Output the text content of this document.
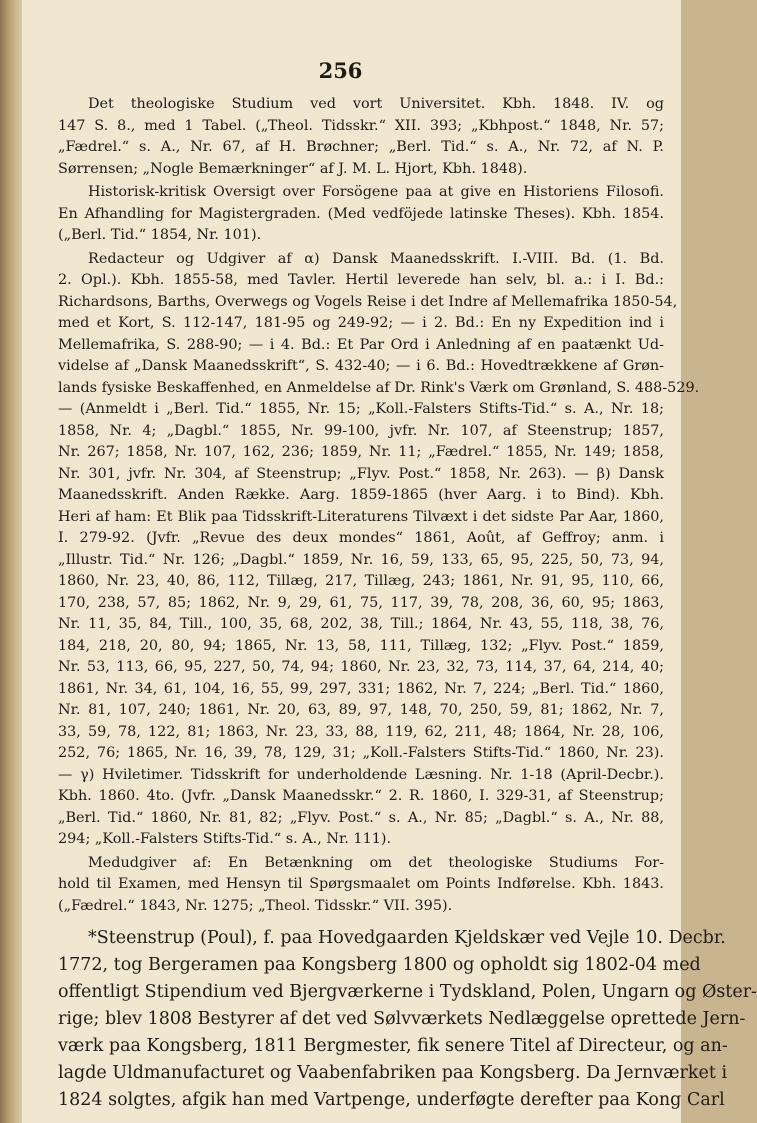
256
Det theologiske Studium ved vort Universitet. Kbh. 1848. IV. og
147 S. 8., med 1 Tabel. („Theol. Tidsskr.“ XII. 393; „Kbhpost.“ 1848, Nr. 57;
„Fædrel.“ s. A., Nr. 67, af H. Brøchner; „Berl. Tid.“ s. A., Nr. 72, af N. P.
Sørrensen; „Nogle Bemærkninger“ af J. M. L. Hjort, Kbh. 1848).
Historisk-kritisk Oversigt over Forsögene paa at give en Historiens Filosofi.
En Afhandling for Magistergraden. (Med vedföjede latinske Theses). Kbh. 1854.
(„Berl. Tid.“ 1854, Nr. 101).
Redacteur og Udgiver af α) Dansk Maanedsskrift. I.-VIII. Bd. (1. Bd.
2. Opl.). Kbh. 1855-58, med Tavler. Hertil leverede han selv, bl. a.: i I. Bd.:
Richardsons, Barths, Overwegs og Vogels Reise i det Indre af Mellemafrika 1850-54,
med et Kort, S. 112-147, 181-95 og 249-92; — i 2. Bd.: En ny Expedition ind i
Mellemafrika, S. 288-90; — i 4. Bd.: Et Par Ord i Anledning af en paatænkt Ud-
videlse af „Dansk Maanedsskrift“, S. 432-40; — i 6. Bd.: Hovedtrækkene af Grøn-
lands fysiske Beskaffenhed, en Anmeldelse af Dr. Rink's Værk om Grønland, S. 488-529.
— (Anmeldt i „Berl. Tid.“ 1855, Nr. 15; „Koll.-Falsters Stifts-Tid.“ s. A., Nr. 18;
1858, Nr. 4; „Dagbl.“ 1855, Nr. 99-100, jvfr. Nr. 107, af Steenstrup; 1857,
Nr. 267; 1858, Nr. 107, 162, 236; 1859, Nr. 11; „Fædrel.“ 1855, Nr. 149; 1858,
Nr. 301, jvfr. Nr. 304, af Steenstrup; „Flyv. Post.“ 1858, Nr. 263). — β) Dansk
Maanedsskrift. Anden Række. Aarg. 1859-1865 (hver Aarg. i to Bind). Kbh.
Heri af ham: Et Blik paa Tidsskrift-Literaturens Tilvæxt i det sidste Par Aar, 1860,
I. 279-92. (Jvfr. „Revue des deux mondes“ 1861, Août, af Geffroy; anm. i
„Illustr. Tid.“ Nr. 126; „Dagbl.“ 1859, Nr. 16, 59, 133, 65, 95, 225, 50, 73, 94,
1860, Nr. 23, 40, 86, 112, Tillæg, 217, Tillæg, 243; 1861, Nr. 91, 95, 110, 66,
170, 238, 57, 85; 1862, Nr. 9, 29, 61, 75, 117, 39, 78, 208, 36, 60, 95; 1863,
Nr. 11, 35, 84, Till., 100, 35, 68, 202, 38, Till.; 1864, Nr. 43, 55, 118, 38, 76,
184, 218, 20, 80, 94; 1865, Nr. 13, 58, 111, Tillæg, 132; „Flyv. Post.“ 1859,
Nr. 53, 113, 66, 95, 227, 50, 74, 94; 1860, Nr. 23, 32, 73, 114, 37, 64, 214, 40;
1861, Nr. 34, 61, 104, 16, 55, 99, 297, 331; 1862, Nr. 7, 224; „Berl. Tid.“ 1860,
Nr. 81, 107, 240; 1861, Nr. 20, 63, 89, 97, 148, 70, 250, 59, 81; 1862, Nr. 7,
33, 59, 78, 122, 81; 1863, Nr. 23, 33, 88, 119, 62, 211, 48; 1864, Nr. 28, 106,
252, 76; 1865, Nr. 16, 39, 78, 129, 31; „Koll.-Falsters Stifts-Tid.“ 1860, Nr. 23).
— γ) Hviletimer. Tidsskrift for underholdende Læsning. Nr. 1-18 (April-Decbr.).
Kbh. 1860. 4to. (Jvfr. „Dansk Maanedsskr.“ 2. R. 1860, I. 329-31, af Steenstrup;
„Berl. Tid.“ 1860, Nr. 81, 82; „Flyv. Post.“ s. A., Nr. 85; „Dagbl.“ s. A., Nr. 88,
294; „Koll.-Falsters Stifts-Tid.“ s. A., Nr. 111).
Medudgiver af: En Betænkning om det theologiske Studiums For-
hold til Examen, med Hensyn til Spørgsmaalet om Points Indførelse. Kbh. 1843.
(„Fædrel.“ 1843, Nr. 1275; „Theol. Tidsskr.“ VII. 395).
*Steenstrup (Poul), f. paa Hovedgaarden Kjeldskær ved Vejle 10. Decbr.
1772, tog Bergeramen paa Kongsberg 1800 og opholdt sig 1802-04 med
offentligt Stipendium ved Bjergværkerne i Tydskland, Polen, Ungarn og Øster-
rige; blev 1808 Bestyrer af det ved Sølvværkets Nedlæggelse oprettede Jern-
værk paa Kongsberg, 1811 Bergmester, fik senere Titel af Directeur, og an-
lagde Uldmanufacturet og Vaabenfabriken paa Kongsberg. Da Jernværket i
1824 solgtes, afgik han med Vartpenge, underføgte derefter paa Kong Carl
